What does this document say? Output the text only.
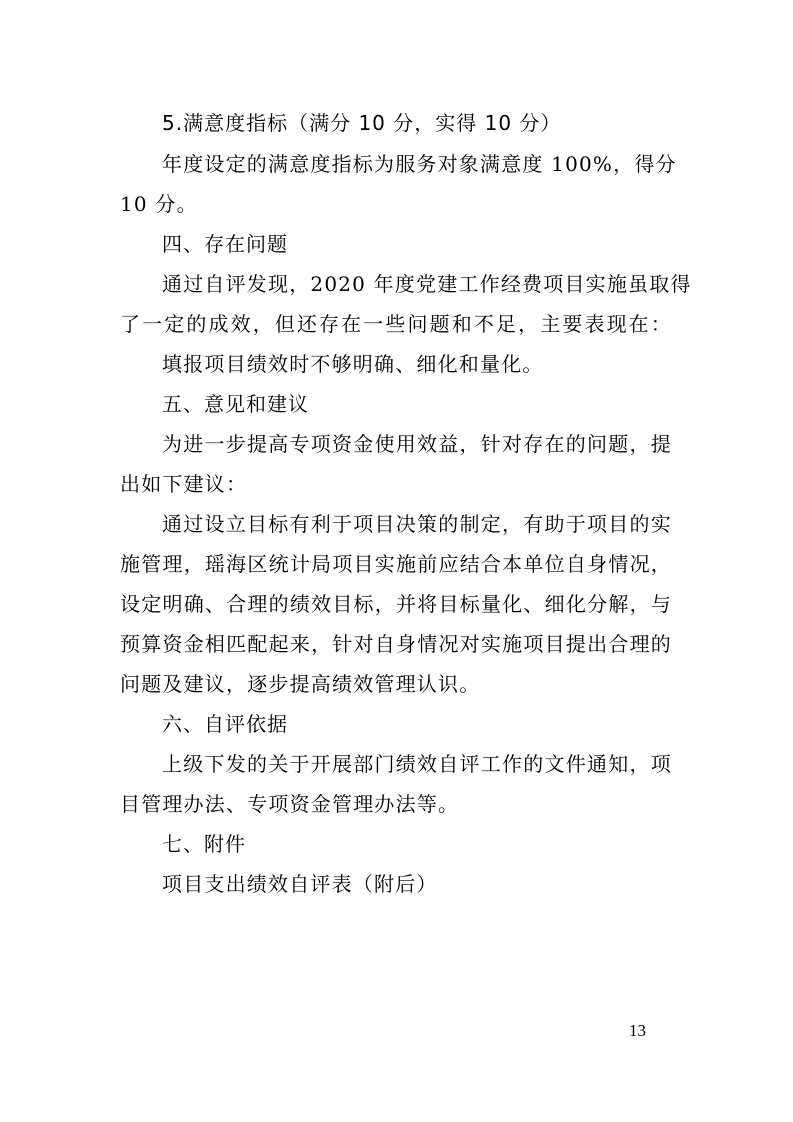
5.满意度指标（满分 10 分，实得 10 分）
年度设定的满意度指标为服务对象满意度 100%，得分
10 分。
四、存在问题
通过自评发现，2020 年度党建工作经费项目实施虽取得
了一定的成效，但还存在一些问题和不足，主要表现在：
填报项目绩效时不够明确、细化和量化。
五、意见和建议
为进一步提高专项资金使用效益，针对存在的问题，提
出如下建议：
通过设立目标有利于项目决策的制定，有助于项目的实
施管理，瑶海区统计局项目实施前应结合本单位自身情况，
设定明确、合理的绩效目标，并将目标量化、细化分解，与
预算资金相匹配起来，针对自身情况对实施项目提出合理的
问题及建议，逐步提高绩效管理认识。
六、自评依据
上级下发的关于开展部门绩效自评工作的文件通知，项
目管理办法、专项资金管理办法等。
七、附件
项目支出绩效自评表（附后）
13
